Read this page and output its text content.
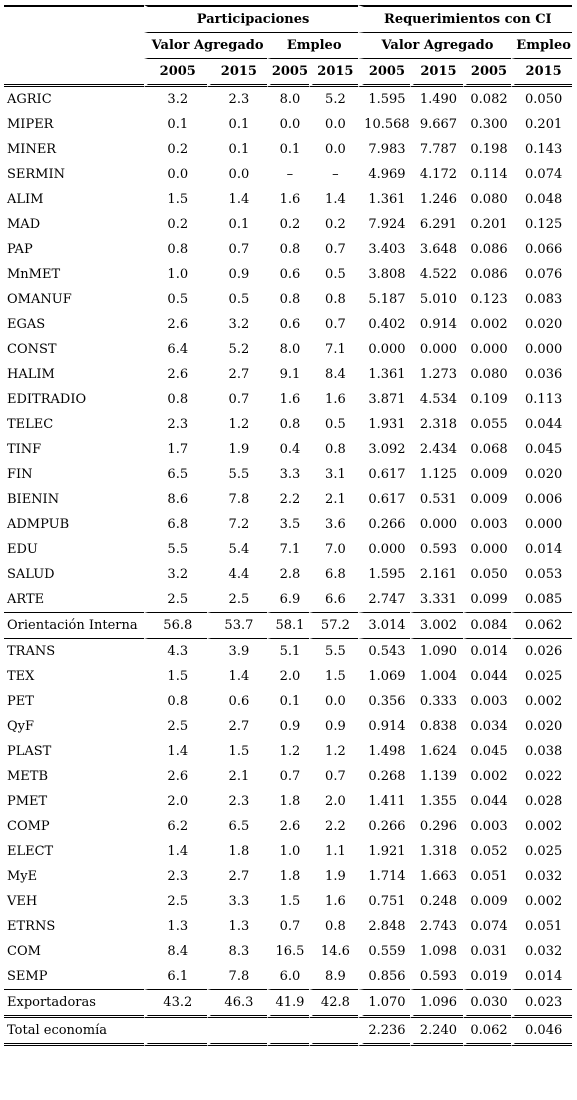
	Participaciones				Requerimientos con CI			
	Valor Agregado		Empleo		Valor Agregado			Empleo
	2005	2015	2005	2015	2005	2015	2005	2015
AGRIC	3.2	2.3	8.0	5.2	1.595	1.490	0.082	0.050
MIPER	0.1	0.1	0.0	0.0	10.568	9.667	0.300	0.201
MINER	0.2	0.1	0.1	0.0	7.983	7.787	0.198	0.143
SERMIN	0.0	0.0	–	–	4.969	4.172	0.114	0.074
ALIM	1.5	1.4	1.6	1.4	1.361	1.246	0.080	0.048
MAD	0.2	0.1	0.2	0.2	7.924	6.291	0.201	0.125
PAP	0.8	0.7	0.8	0.7	3.403	3.648	0.086	0.066
MnMET	1.0	0.9	0.6	0.5	3.808	4.522	0.086	0.076
OMANUF	0.5	0.5	0.8	0.8	5.187	5.010	0.123	0.083
EGAS	2.6	3.2	0.6	0.7	0.402	0.914	0.002	0.020
CONST	6.4	5.2	8.0	7.1	0.000	0.000	0.000	0.000
HALIM	2.6	2.7	9.1	8.4	1.361	1.273	0.080	0.036
EDITRADIO	0.8	0.7	1.6	1.6	3.871	4.534	0.109	0.113
TELEC	2.3	1.2	0.8	0.5	1.931	2.318	0.055	0.044
TINF	1.7	1.9	0.4	0.8	3.092	2.434	0.068	0.045
FIN	6.5	5.5	3.3	3.1	0.617	1.125	0.009	0.020
BIENIN	8.6	7.8	2.2	2.1	0.617	0.531	0.009	0.006
ADMPUB	6.8	7.2	3.5	3.6	0.266	0.000	0.003	0.000
EDU	5.5	5.4	7.1	7.0	0.000	0.593	0.000	0.014
SALUD	3.2	4.4	2.8	6.8	1.595	2.161	0.050	0.053
ARTE	2.5	2.5	6.9	6.6	2.747	3.331	0.099	0.085
Orientación Interna	56.8	53.7	58.1	57.2	3.014	3.002	0.084	0.062
TRANS	4.3	3.9	5.1	5.5	0.543	1.090	0.014	0.026
TEX	1.5	1.4	2.0	1.5	1.069	1.004	0.044	0.025
PET	0.8	0.6	0.1	0.0	0.356	0.333	0.003	0.002
QyF	2.5	2.7	0.9	0.9	0.914	0.838	0.034	0.020
PLAST	1.4	1.5	1.2	1.2	1.498	1.624	0.045	0.038
METB	2.6	2.1	0.7	0.7	0.268	1.139	0.002	0.022
PMET	2.0	2.3	1.8	2.0	1.411	1.355	0.044	0.028
COMP	6.2	6.5	2.6	2.2	0.266	0.296	0.003	0.002
ELECT	1.4	1.8	1.0	1.1	1.921	1.318	0.052	0.025
MyE	2.3	2.7	1.8	1.9	1.714	1.663	0.051	0.032
VEH	2.5	3.3	1.5	1.6	0.751	0.248	0.009	0.002
ETRNS	1.3	1.3	0.7	0.8	2.848	2.743	0.074	0.051
COM	8.4	8.3	16.5	14.6	0.559	1.098	0.031	0.032
SEMP	6.1	7.8	6.0	8.9	0.856	0.593	0.019	0.014
Exportadoras	43.2	46.3	41.9	42.8	1.070	1.096	0.030	0.023
Total economía					2.236	2.240	0.062	0.046
